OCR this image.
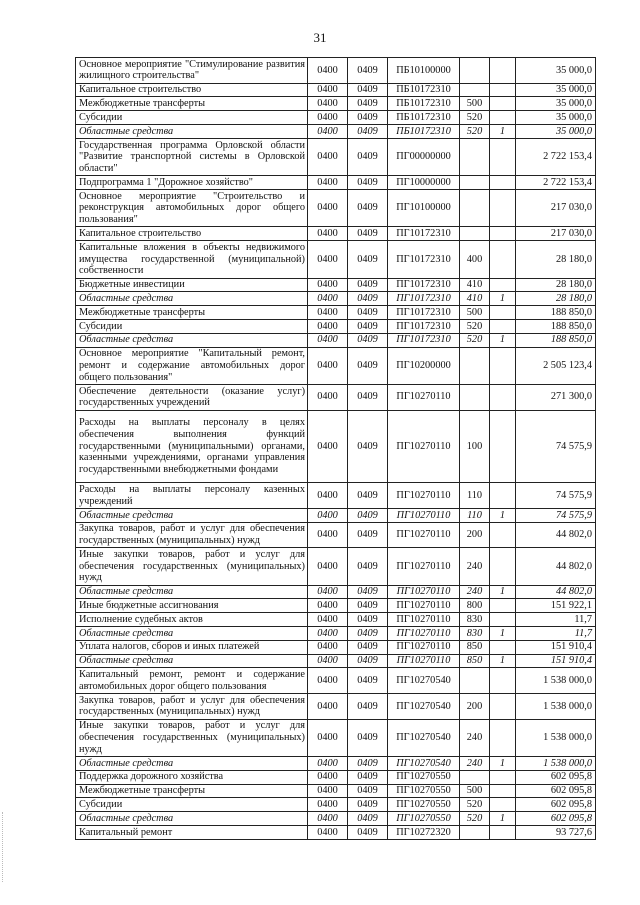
31
Основное мероприятие "Стимулирование развития жилищного строительства"	0400	0409	ПБ10100000			35 000,0
Капитальное строительство	0400	0409	ПБ10172310			35 000,0
Межбюджетные трансферты	0400	0409	ПБ10172310	500		35 000,0
Субсидии	0400	0409	ПБ10172310	520		35 000,0
Областные средства	0400	0409	ПБ10172310	520	1	35 000,0
Государственная программа Орловской области "Развитие транспортной системы в Орловской области"	0400	0409	ПГ00000000			2 722 153,4
Подпрограмма 1 "Дорожное хозяйство"	0400	0409	ПГ10000000			2 722 153,4
Основное мероприятие "Строительство и реконструкция автомобильных дорог общего пользования"	0400	0409	ПГ10100000			217 030,0
Капитальное строительство	0400	0409	ПГ10172310			217 030,0
Капитальные вложения в объекты недвижимого имущества государственной (муниципальной) собственности	0400	0409	ПГ10172310	400		28 180,0
Бюджетные инвестиции	0400	0409	ПГ10172310	410		28 180,0
Областные средства	0400	0409	ПГ10172310	410	1	28 180,0
Межбюджетные трансферты	0400	0409	ПГ10172310	500		188 850,0
Субсидии	0400	0409	ПГ10172310	520		188 850,0
Областные средства	0400	0409	ПГ10172310	520	1	188 850,0
Основное мероприятие "Капитальный ремонт, ремонт и содержание автомобильных дорог общего пользования"	0400	0409	ПГ10200000			2 505 123,4
Обеспечение деятельности (оказание услуг) государственных учреждений	0400	0409	ПГ10270110			271 300,0
Расходы на выплаты персоналу в целях обеспечения выполнения функций государственными (муниципальными) органами, казенными учреждениями, органами управления государственными внебюджетными фондами	0400	0409	ПГ10270110	100		74 575,9
Расходы на выплаты персоналу казенных учреждений	0400	0409	ПГ10270110	110		74 575,9
Областные средства	0400	0409	ПГ10270110	110	1	74 575,9
Закупка товаров, работ и услуг для обеспечения государственных (муниципальных) нужд	0400	0409	ПГ10270110	200		44 802,0
Иные закупки товаров, работ и услуг для обеспечения государственных (муниципальных) нужд	0400	0409	ПГ10270110	240		44 802,0
Областные средства	0400	0409	ПГ10270110	240	1	44 802,0
Иные бюджетные ассигнования	0400	0409	ПГ10270110	800		151 922,1
Исполнение судебных актов	0400	0409	ПГ10270110	830		11,7
Областные средства	0400	0409	ПГ10270110	830	1	11,7
Уплата налогов, сборов и иных платежей	0400	0409	ПГ10270110	850		151 910,4
Областные средства	0400	0409	ПГ10270110	850	1	151 910,4
Капитальный ремонт, ремонт и содержание автомобильных дорог общего пользования	0400	0409	ПГ10270540			1 538 000,0
Закупка товаров, работ и услуг для обеспечения государственных (муниципальных) нужд	0400	0409	ПГ10270540	200		1 538 000,0
Иные закупки товаров, работ и услуг для обеспечения государственных (муниципальных) нужд	0400	0409	ПГ10270540	240		1 538 000,0
Областные средства	0400	0409	ПГ10270540	240	1	1 538 000,0
Поддержка дорожного хозяйства	0400	0409	ПГ10270550			602 095,8
Межбюджетные трансферты	0400	0409	ПГ10270550	500		602 095,8
Субсидии	0400	0409	ПГ10270550	520		602 095,8
Областные средства	0400	0409	ПГ10270550	520	1	602 095,8
Капитальный ремонт	0400	0409	ПГ10272320			93 727,6
